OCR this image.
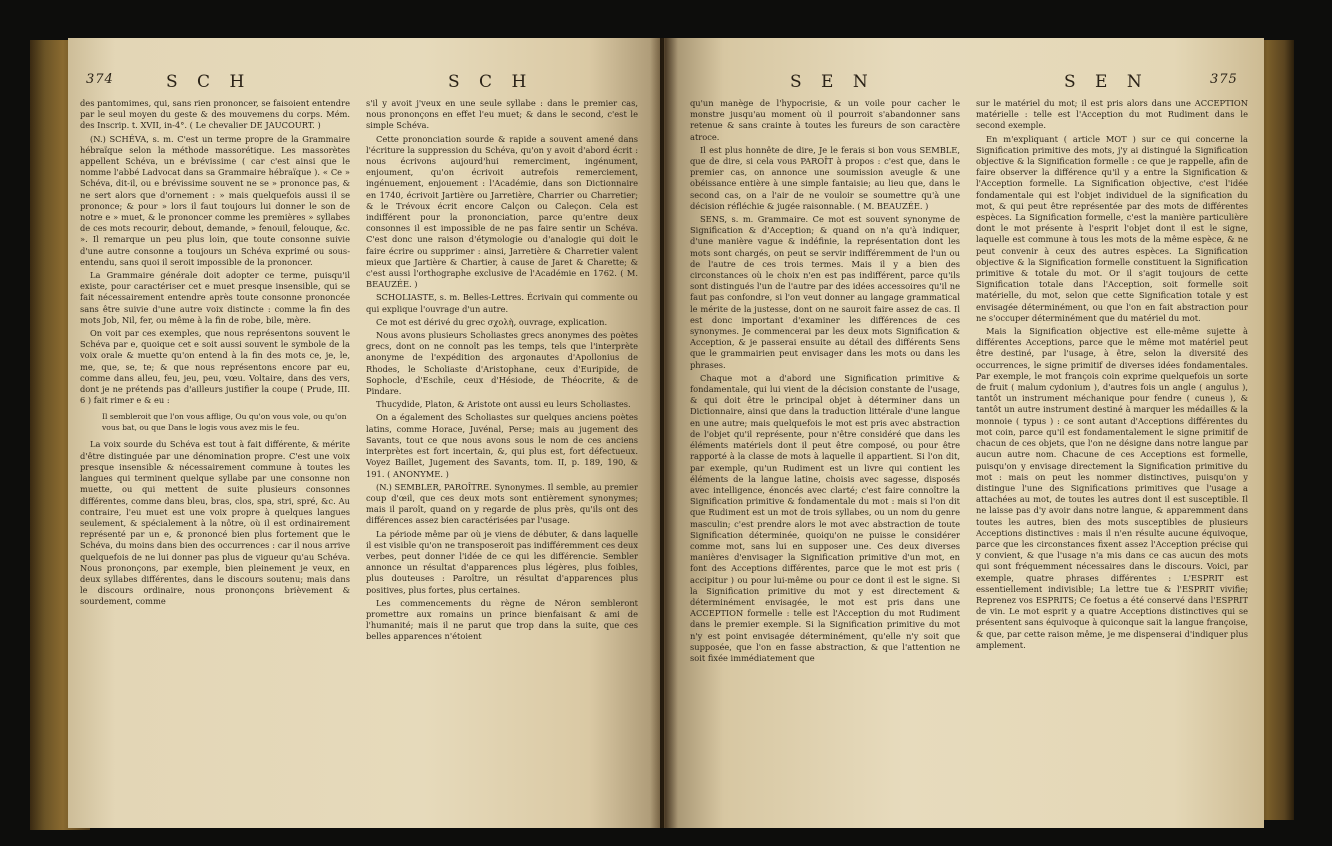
374	S C H	S C H

des pantomimes, qui, sans rien prononcer, se faisoient entendre par le seul moyen du geste & des mouvemens du corps. Mém. des Inscrip. t. XVII, in-4°. ( Le chevalier DE JAUCOURT. )

(N.) SCHÉVA, s. m. C'est un terme propre de la Grammaire hébraïque selon la méthode massorétique. Les massorètes appellent Schéva, un e brévissime ( car c'est ainsi que le nomme l'abbé Ladvocat dans sa Grammaire hébraïque ). « Ce » Schéva, dit-il, ou e brévissime souvent ne se » prononce pas, & ne sert alors que d'ornement : » mais quelquefois aussi il se prononce; & pour » lors il faut toujours lui donner le son de notre e » muet, & le prononcer comme les premières » syllabes de ces mots recourir, debout, demande, » fenouil, felouque, &c. ». Il remarque un peu plus loin, que toute consonne suivie d'une autre consonne a toujours un Schéva exprimé ou sous-entendu, sans quoi il seroit impossible de la prononcer.

La Grammaire générale doit adopter ce terme, puisqu'il existe, pour caractériser cet e muet presque insensible, qui se fait nécessairement entendre après toute consonne prononcée sans être suivie d'une autre voix distincte : comme la fin des mots Job, Nil, fer, ou même à la fin de robe, bile, mère.

On voit par ces exemples, que nous représentons souvent le Schéva par e, quoique cet e soit aussi souvent le symbole de la voix orale & muette qu'on entend à la fin des mots ce, je, le, me, que, se, te; & que nous représentons encore par eu, comme dans alleu, feu, jeu, peu, vœu. Voltaire, dans des vers, dont je ne prétends pas d'ailleurs justifier la coupe ( Prude, III. 6 ) fait rimer e & eu :

Il sembleroit que l'on vous afflige, Ou qu'on vous vole, ou qu'on vous bat, ou que Dans le logis vous avez mis le feu.

La voix sourde du Schéva est tout à fait différente, & mérite d'être distinguée par une dénomination propre. C'est une voix presque insensible & nécessairement commune à toutes les langues qui terminent quelque syllabe par une consonne non muette, ou qui mettent de suite plusieurs consonnes différentes, comme dans bleu, bras, clos, spa, stri, spré, &c. Au contraire, l'eu muet est une voix propre à quelques langues seulement, & spécialement à la nôtre, où il est ordinairement représenté par un e, & prononcé bien plus fortement que le Schéva, du moins dans bien des occurrences : car il nous arrive quelquefois de ne lui donner pas plus de vigueur qu'au Schéva. Nous prononçons, par exemple, bien pleinement je veux, en deux syllabes différentes, dans le discours soutenu; mais dans le discours ordinaire, nous prononçons brièvement & sourdement, comme

s'il y avoit j'veux en une seule syllabe : dans le premier cas, nous prononçons en effet l'eu muet; & dans le second, c'est le simple Schéva.

Cette prononciation sourde & rapide a souvent amené dans l'écriture la suppression du Schéva, qu'on y avoit d'abord écrit : nous écrivons aujourd'hui remerciment, ingénument, enjoument, qu'on écrivoit autrefois remerciement, ingénuement, enjouement : l'Académie, dans son Dictionnaire en 1740, écrivoit Jartière ou Jarretière, Charrier ou Charretier; & le Trévoux écrit encore Calçon ou Caleçon. Cela est indifférent pour la prononciation, parce qu'entre deux consonnes il est impossible de ne pas faire sentir un Schéva. C'est donc une raison d'étymologie ou d'analogie qui doit le faire écrire ou supprimer : ainsi, Jarretière & Charretier valent mieux que Jartière & Chartier, à cause de Jaret & Charette; & c'est aussi l'orthographe exclusive de l'Académie en 1762. ( M. BEAUZÉE. )

SCHOLIASTE, s. m. Belles-Lettres. Écrivain qui commente ou qui explique l'ouvrage d'un autre.

Ce mot est dérivé du grec σχολὴ, ouvrage, explication.

Nous avons plusieurs Scholiastes grecs anonymes des poètes grecs, dont on ne connoît pas les temps, tels que l'interprète anonyme de l'expédition des argonautes d'Apollonius de Rhodes, le Scholiaste d'Aristophane, ceux d'Euripide, de Sophocle, d'Eschile, ceux d'Hésiode, de Théocrite, & de Pindare.

Thucydide, Platon, & Aristote ont aussi eu leurs Scholiastes.

On a également des Scholiastes sur quelques anciens poètes latins, comme Horace, Juvénal, Perse; mais au jugement des Savants, tout ce que nous avons sous le nom de ces anciens interprètes est fort incertain, &, qui plus est, fort défectueux. Voyez Baillet, Jugement des Savants, tom. II, p. 189, 190, & 191. ( ANONYME. )

(N.) SEMBLER, PAROÎTRE. Synonymes. Il semble, au premier coup d'œil, que ces deux mots sont entièrement synonymes; mais il paroît, quand on y regarde de plus près, qu'ils ont des différences assez bien caractérisées par l'usage.

La période même par où je viens de débuter, & dans laquelle il est visible qu'on ne transposeroit pas indifféremment ces deux verbes, peut donner l'idée de ce qui les différencie. Sembler annonce un résultat d'apparences plus légères, plus foibles, plus douteuses : Paroître, un résultat d'apparences plus positives, plus fortes, plus certaines.

Les commencements du règne de Néron sembleront promettre aux romains un prince bienfaisant & ami de l'humanité; mais il ne parut que trop dans la suite, que ces belles apparences n'étoient

S E N	S E N	375

qu'un manège de l'hypocrisie, & un voile pour cacher le monstre jusqu'au moment où il pourroit s'abandonner sans retenue & sans crainte à toutes les fureurs de son caractère atroce.

Il est plus honnête de dire, Je le ferais si bon vous SEMBLE, que de dire, si cela vous PAROÎT à propos : c'est que, dans le premier cas, on annonce une soumission aveugle & une obéissance entière à une simple fantaisie; au lieu que, dans le second cas, on a l'air de ne vouloir se soumettre qu'à une décision réfléchie & jugée raisonnable. ( M. BEAUZÉE. )

SENS, s. m. Grammaire. Ce mot est souvent synonyme de Signification & d'Acception; & quand on n'a qu'à indiquer, d'une manière vague & indéfinie, la représentation dont les mots sont chargés, on peut se servir indifféremment de l'un ou de l'autre de ces trois termes. Mais il y a bien des circonstances où le choix n'en est pas indifférent, parce qu'ils sont distingués l'un de l'autre par des idées accessoires qu'il ne faut pas confondre, si l'on veut donner au langage grammatical le mérite de la justesse, dont on ne sauroit faire assez de cas. Il est donc important d'examiner les différences de ces synonymes. Je commencerai par les deux mots Signification & Acception, & je passerai ensuite au détail des différents Sens que le grammairien peut envisager dans les mots ou dans les phrases.

Chaque mot a d'abord une Signification primitive & fondamentale, qui lui vient de la décision constante de l'usage, & qui doit être le principal objet à déterminer dans un Dictionnaire, ainsi que dans la traduction littérale d'une langue en une autre; mais quelquefois le mot est pris avec abstraction de l'objet qu'il représente, pour n'être considéré que dans les éléments matériels dont il peut être composé, ou pour être rapporté à la classe de mots à laquelle il appartient. Si l'on dit, par exemple, qu'un Rudiment est un livre qui contient les éléments de la langue latine, choisis avec sagesse, disposés avec intelligence, énoncés avec clarté; c'est faire connoître la Signification primitive & fondamentale du mot : mais si l'on dit que Rudiment est un mot de trois syllabes, ou un nom du genre masculin; c'est prendre alors le mot avec abstraction de toute Signification déterminée, quoiqu'on ne puisse le considérer comme mot, sans lui en supposer une. Ces deux diverses manières d'envisager la Signification primitive d'un mot, en font des Acceptions différentes, parce que le mot est pris ( accipitur ) ou pour lui-même ou pour ce dont il est le signe. Si la Signification primitive du mot y est directement & déterminément envisagée, le mot est pris dans une ACCEPTION formelle : telle est l'Acception du mot Rudiment dans le premier exemple. Si la Signification primitive du mot n'y est point envisagée déterminément, qu'elle n'y soit que supposée, que l'on en fasse abstraction, & que l'attention ne soit fixée immédiatement que

sur le matériel du mot; il est pris alors dans une ACCEPTION matérielle : telle est l'Acception du mot Rudiment dans le second exemple.

En m'expliquant ( article MOT ) sur ce qui concerne la Signification primitive des mots, j'y ai distingué la Signification objective & la Signification formelle : ce que je rappelle, afin de faire observer la différence qu'il y a entre la Signification & l'Acception formelle. La Signification objective, c'est l'idée fondamentale qui est l'objet individuel de la signification du mot, & qui peut être représentée par des mots de différentes espèces. La Signification formelle, c'est la manière particulière dont le mot présente à l'esprit l'objet dont il est le signe, laquelle est commune à tous les mots de la même espèce, & ne peut convenir à ceux des autres espèces. La Signification objective & la Signification formelle constituent la Signification primitive & totale du mot. Or il s'agit toujours de cette Signification totale dans l'Acception, soit formelle soit matérielle, du mot, selon que cette Signification totale y est envisagée déterminément, ou que l'on en fait abstraction pour ne s'occuper déterminément que du matériel du mot.

Mais la Signification objective est elle-même sujette à différentes Acceptions, parce que le même mot matériel peut être destiné, par l'usage, à être, selon la diversité des occurrences, le signe primitif de diverses idées fondamentales. Par exemple, le mot françois coin exprime quelquefois un sorte de fruit ( malum cydonium ), d'autres fois un angle ( angulus ), tantôt un instrument méchanique pour fendre ( cuneus ), & tantôt un autre instrument destiné à marquer les médailles & la monnoie ( typus ) : ce sont autant d'Acceptions différentes du mot coin, parce qu'il est fondamentalement le signe primitif de chacun de ces objets, que l'on ne désigne dans notre langue par aucun autre nom. Chacune de ces Acceptions est formelle, puisqu'on y envisage directement la Signification primitive du mot : mais on peut les nommer distinctives, puisqu'on y distingue l'une des Significations primitives que l'usage a attachées au mot, de toutes les autres dont il est susceptible. Il ne laisse pas d'y avoir dans notre langue, & apparemment dans toutes les autres, bien des mots susceptibles de plusieurs Acceptions distinctives : mais il n'en résulte aucune équivoque, parce que les circonstances fixent assez l'Acception précise qui y convient, & que l'usage n'a mis dans ce cas aucun des mots qui sont fréquemment nécessaires dans le discours. Voici, par exemple, quatre phrases différentes : L'ESPRIT est essentiellement indivisible; La lettre tue & l'ESPRIT vivifie; Reprenez vos ESPRITS; Ce foetus a été conservé dans l'ESPRIT de vin. Le mot esprit y a quatre Acceptions distinctives qui se présentent sans équivoque à quiconque sait la langue françoise, & que, par cette raison même, je me dispenserai d'indiquer plus amplement.
